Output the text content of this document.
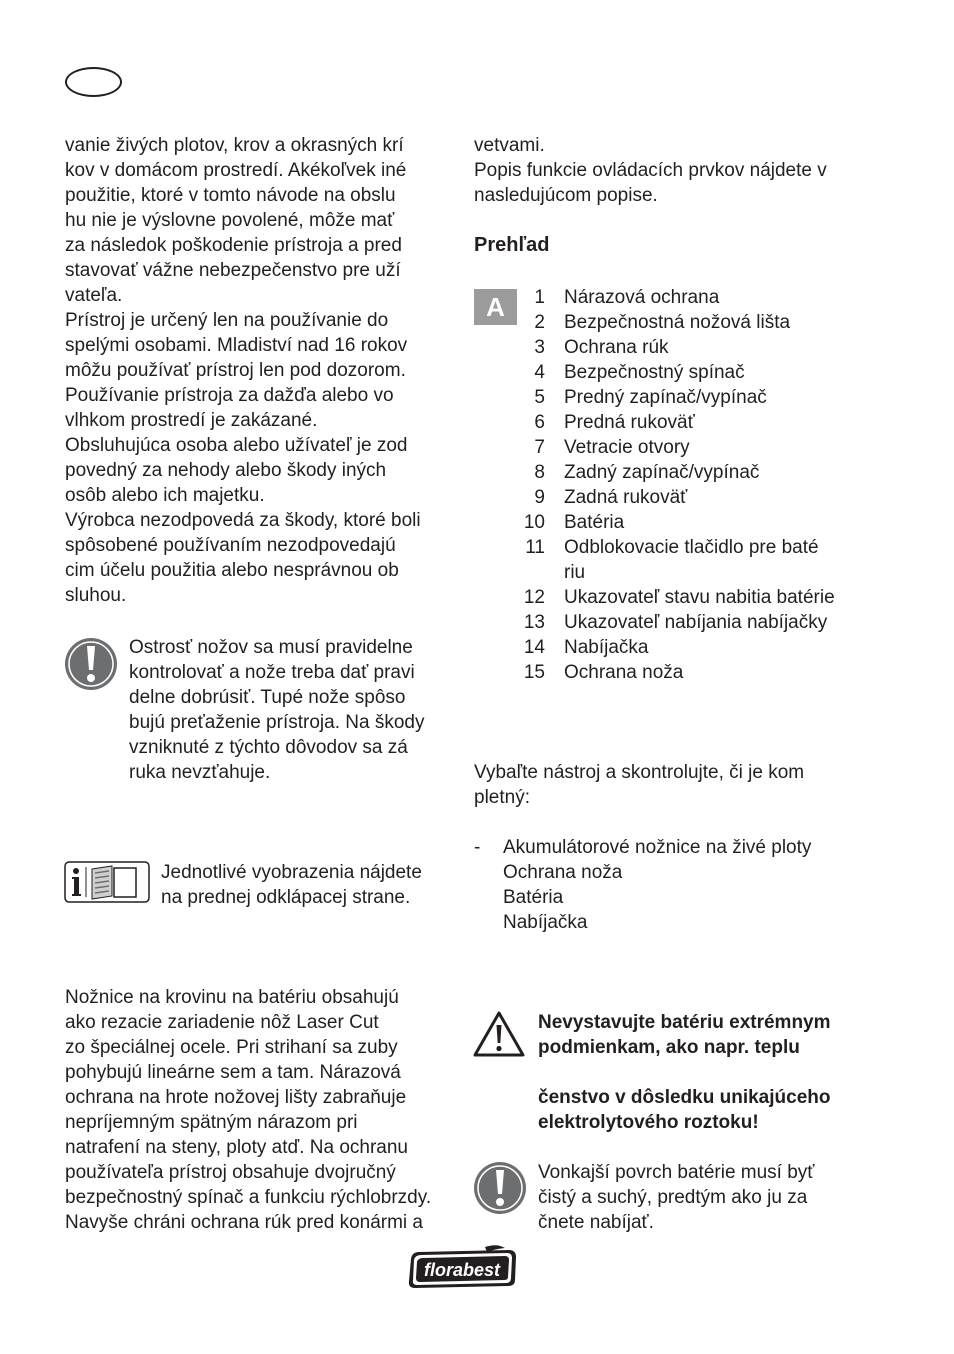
vanie živých plotov, krov a okrasných krí
kov v domácom prostredí. Akékoľvek iné
použitie, ktoré v tomto návode na obslu
hu nie je výslovne povolené, môže mať
za následok poškodenie prístroja a pred
stavovať vážne nebezpečenstvo pre uží
vateľa.

Prístroj je určený len na používanie do
spelými osobami. Mladiství nad 16 rokov
môžu používať prístroj len pod dozorom.

Používanie prístroja za dažďa alebo vo
vlhkom prostredí je zakázané.

Obsluhujúca osoba alebo užívateľ je zod
povedný za nehody alebo škody iných
osôb alebo ich majetku.

Výrobca nezodpovedá za škody, ktoré boli
spôsobené používaním nezodpovedajú
cim účelu použitia alebo nesprávnou ob
sluhou.

Ostrosť nožov sa musí pravidelne
kontrolovať a nože treba dať pravi
delne dobrúsiť. Tupé nože spôso
bujú preťaženie prístroja. Na škody
vzniknuté z týchto dôvodov sa zá
ruka nevzťahuje.
Jednotlivé vyobrazenia nájdete
na prednej odklápacej strane.
Nožnice na krovinu na batériu obsahujú
ako rezacie zariadenie nôž Laser Cut
zo špeciálnej ocele. Pri strihaní sa zuby
pohybujú lineárne sem a tam. Nárazová
ochrana na hrote nožovej lišty zabraňuje
nepríjemným spätným nárazom pri
natrafení na steny, ploty atď. Na ochranu
používateľa prístroj obsahuje dvojručný
bezpečnostný spínač a funkciu rýchlobrzdy.
Navyše chráni ochrana rúk pred konármi a
vetvami.
Popis funkcie ovládacích prvkov nájdete v
nasledujúcom popise.
Prehľad
A	1 Nárazová ochrana
2 Bezpečnostná nožová lišta
3 Ochrana rúk
4 Bezpečnostný spínač
5 Predný zapínač/vypínač
6 Predná rukoväť
7 Vetracie otvory
8 Zadný zapínač/vypínač
9 Zadná rukoväť
10 Batéria
11 Odblokovacie tlačidlo pre baté
riu
12 Ukazovateľ stavu nabitia batérie
13 Ukazovateľ nabíjania nabíjačky
14 Nabíjačka
15 Ochrana noža
Vybaľte nástroj a skontrolujte, či je kom
pletný:
-	Akumulátorové nožnice na živé ploty
Ochrana noža
Batéria
Nabíjačka
Nevystavujte batériu extrémnym
podmienkam, ako napr. teplu
čenstvo v dôsledku unikajúceho
elektrolytového roztoku!
Vonkajší povrch batérie musí byť
čistý a suchý, predtým ako ju za
čnete nabíjať.
florabest
